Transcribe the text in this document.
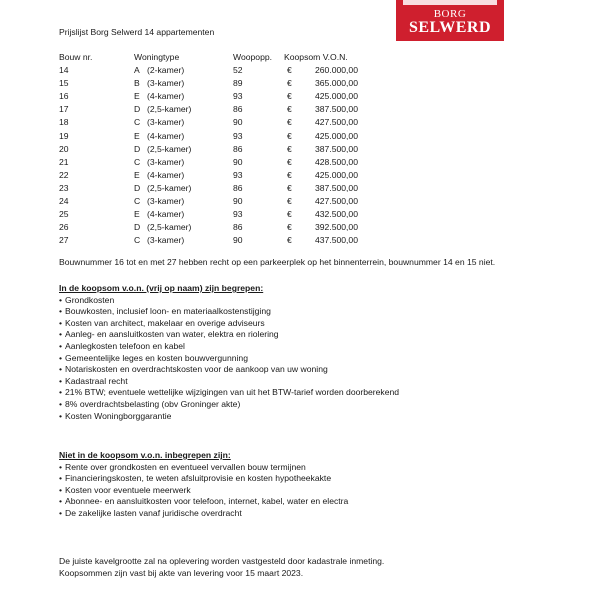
Prijslijst Borg Selwerd 14 appartementen
BORG
SELWERD
Bouw nr.	Woningtype	Woopopp. Koopsom V.O.N.
14	A (2-kamer)	52	€	260.000,00
15	B (3-kamer)	89	€	365.000,00
16	E (4-kamer)	93	€	425.000,00
17	D (2,5-kamer)	86	€	387.500,00
18	C (3-kamer)	90	€	427.500,00
19	E (4-kamer)	93	€	425.000,00
20	D (2,5-kamer)	86	€	387.500,00
21	C (3-kamer)	90	€	428.500,00
22	E (4-kamer)	93	€	425.000,00
23	D (2,5-kamer)	86	€	387.500,00
24	C (3-kamer)	90	€	427.500,00
25	E (4-kamer)	93	€	432.500,00
26	D (2,5-kamer)	86	€	392.500,00
27	C (3-kamer)	90	€	437.500,00
Bouwnummer 16 tot en met 27 hebben recht op een parkeerplek op het binnenterrein, bouwnummer 14 en 15 niet.
In de koopsom v.o.n. (vrij op naam) zijn begrepen:
• Grondkosten
• Bouwkosten, inclusief loon- en materiaalkostenstijging
• Kosten van architect, makelaar en overige adviseurs
• Aanleg- en aansluitkosten van water, elektra en riolering
• Aanlegkosten telefoon en kabel
• Gemeentelijke leges en kosten bouwvergunning
• Notariskosten en overdrachtskosten voor de aankoop van uw woning
• Kadastraal recht
• 21% BTW; eventuele wettelijke wijzigingen van uit het BTW-tarief worden doorberekend
• 8% overdrachtsbelasting (obv Groninger akte)
• Kosten Woningborggarantie
Niet in de koopsom v.o.n. inbegrepen zijn:
• Rente over grondkosten en eventueel vervallen bouw termijnen
• Financieringskosten, te weten afsluitprovisie en kosten hypotheekakte
• Kosten voor eventuele meerwerk
• Abonnee- en aansluitkosten voor telefoon, internet, kabel, water en electra
• De zakelijke lasten vanaf juridische overdracht
De juiste kavelgrootte zal na oplevering worden vastgesteld door kadastrale inmeting.
Koopsommen zijn vast bij akte van levering voor 15 maart 2023.
